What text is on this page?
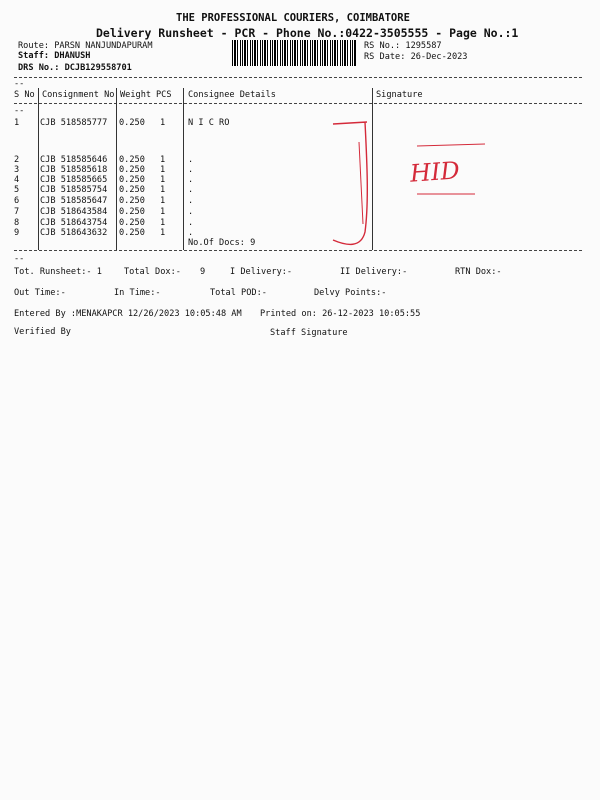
THE PROFESSIONAL COURIERS, COIMBATORE
Delivery Runsheet - PCR - Phone No.:0422-3505555 - Page No.:1
Route: PARSN NANJUNDAPURAM
Staff: DHANUSH
DRS No.: DCJB129558701
RS No.: 1295587
RS Date: 26-Dec-2023
--
--
S No Consignment No Weight PCS Consignee Details	Signature
1 CJB 518585777 0.250 1	N I C RO
2 CJB 518585646 0.250 1	.
3 CJB 518585618 0.250 1	.
4 CJB 518585665 0.250 1	.
5 CJB 518585754 0.250 1	.
6 CJB 518585647 0.250 1	.
7 CJB 518643584 0.250 1	.
8 CJB 518643754 0.250 1	.
9 CJB 518643632 0.250 1	.
No.Of Docs: 9
HID
--
Tot. Runsheet:- 1	Total Dox:- 9	I Delivery:-	II Delivery:-	RTN Dox:-
Out Time:-	In Time:-	Total POD:-	Delvy Points:-
Entered By :MENAKAPCR 12/26/2023 10:05:48 AM Printed on: 26-12-2023 10:05:55
Verified By	Staff Signature
